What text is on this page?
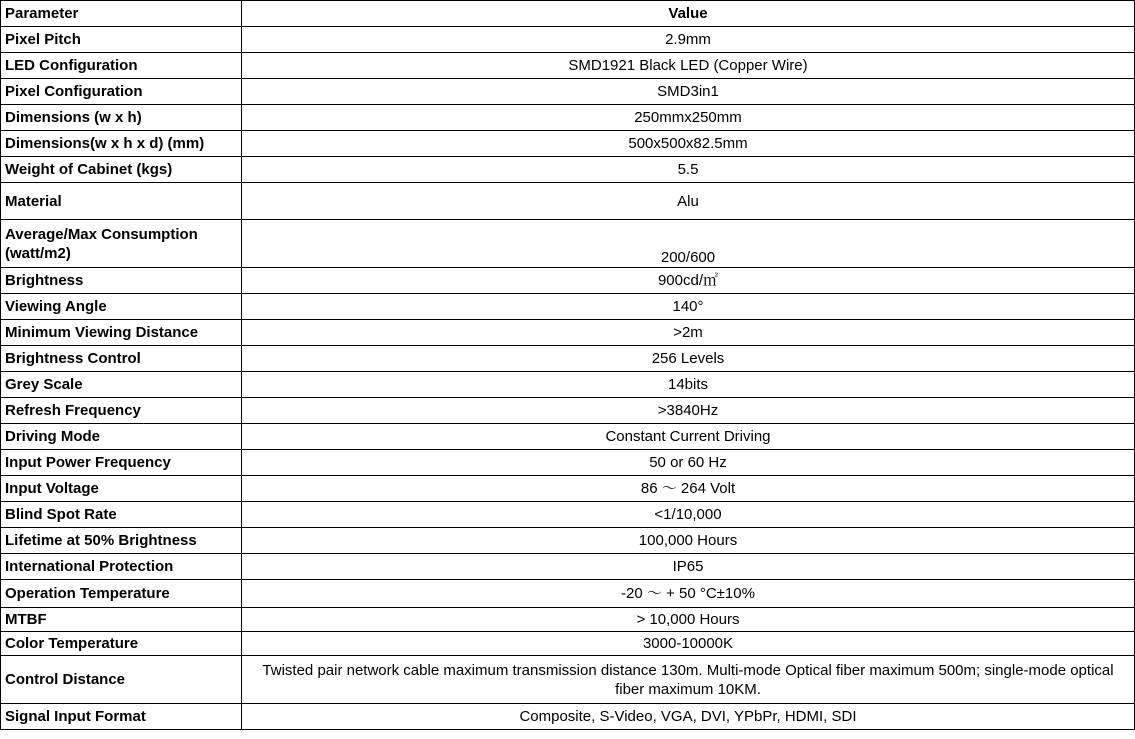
Parameter	Value
Pixel Pitch	2.9mm
LED Configuration	SMD1921 Black LED (Copper Wire)
Pixel Configuration	SMD3in1
Dimensions (w x h)	250mmx250mm
Dimensions(w x h x d) (mm)	500x500x82.5mm
Weight of Cabinet (kgs)	5.5
Material	Alu
Average/Max Consumption (watt/m2)	200/600
Brightness	900cd/㎡
Viewing Angle	140°
Minimum Viewing Distance	>2m
Brightness Control	256 Levels
Grey Scale	14bits
Refresh Frequency	>3840Hz
Driving Mode	Constant Current Driving
Input Power Frequency	50 or 60 Hz
Input Voltage	86 ～ 264 Volt
Blind Spot Rate	<1/10,000
Lifetime at 50% Brightness	100,000 Hours
International Protection	IP65
Operation Temperature	-20 ～ + 50 °C±10%
MTBF	> 10,000 Hours
Color Temperature	3000-10000K
Control Distance	Twisted pair network cable maximum transmission distance 130m. Multi-mode Optical fiber maximum 500m; single-mode optical fiber maximum 10KM.
Signal Input Format	Composite, S-Video, VGA, DVI, YPbPr, HDMI, SDI
